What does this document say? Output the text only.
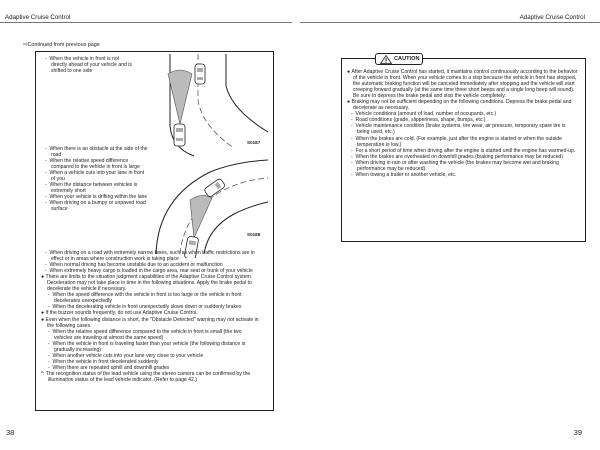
Adaptive Cruise Control	Adaptive Cruise Control
⇨Continued from previous page

-  When the vehicle in front is not directly ahead of your vehicle and is shifted to one side

S0187
S0188

-  When there is an obstacle at the side of the road

-  When the relative speed difference compared to the vehicle in front is large

-  When a vehicle cuts into your lane in front of you

-  When the distance between vehicles is extremely short

-  When your vehicle is drifting within the lane

-  When driving on a bumpy or unpaved road surface

-  When driving on a road with extremely narrow lanes, such as when traffic restrictions are in effect or in areas where construction work is taking place

-  When normal driving has become unstable due to an accident or malfunction

-  When extremely heavy cargo is loaded in the cargo area, rear seat or trunk of your vehicle

● There are limits to the situation judgment capabilities of the Adaptive Cruise Control system. Deceleration may not take place in time in the following situations. Apply the brake pedal to decelerate the vehicle if necessary.

-  When the speed difference with the vehicle in front is too large or the vehicle in front decelerates unexpectedly

-  When the decelerating vehicle in front unexpectedly slows down or suddenly brakes

● If the buzzer sounds frequently, do not use Adaptive Cruise Control.

● Even when the following distance is short, the "Obstacle Detected" warning may not activate in the following cases.

-  When the relative speed difference compared to the vehicle in front is small (the two vehicles are traveling at almost the same speed)

-  When the vehicle in front is traveling faster than your vehicle (the following distance is gradually increasing)

-  When another vehicle cuts into your lane very close to your vehicle

-  When the vehicle in front decelerated suddenly

-  When there are repeated uphill and downhill grades

*: The recognition status of the lead vehicle using the stereo camera can be confirmed by the illumination status of the lead vehicle indicator. (Refer to page 42.)

CAUTION

● After Adaptive Cruise Control has started, it maintains control continuously according to the behavior of the vehicle in front. When your vehicle comes to a stop because the vehicle in front has stopped, the automatic braking function will be canceled immediately after stopping and the vehicle will start creeping forward gradually (at the same time three short beeps and a single long beep will sound). Be sure to depress the brake pedal and stop the vehicle completely.

● Braking may not be sufficient depending on the following conditions. Depress the brake pedal and decelerate as necessary.

-  Vehicle conditions (amount of load, number of occupants, etc.)

-  Road conditions (grade, slipperiness, shape, bumps, etc.)

-  Vehicle maintenance condition (brake systems, tire wear, air pressure, temporary spare tire is being used, etc.)

-  When the brakes are cold. (For example, just after the engine is started or when the outside temperature is low.)

-  For a short period of time when driving after the engine is started until the engine has warmed-up.

-  When the brakes are overheated on downhill grades (braking performance may be reduced)

-  When driving in rain or after washing the vehicle (the brakes may become wet and braking performance may be reduced).

-  When towing a trailer or another vehicle, etc.

38	39
